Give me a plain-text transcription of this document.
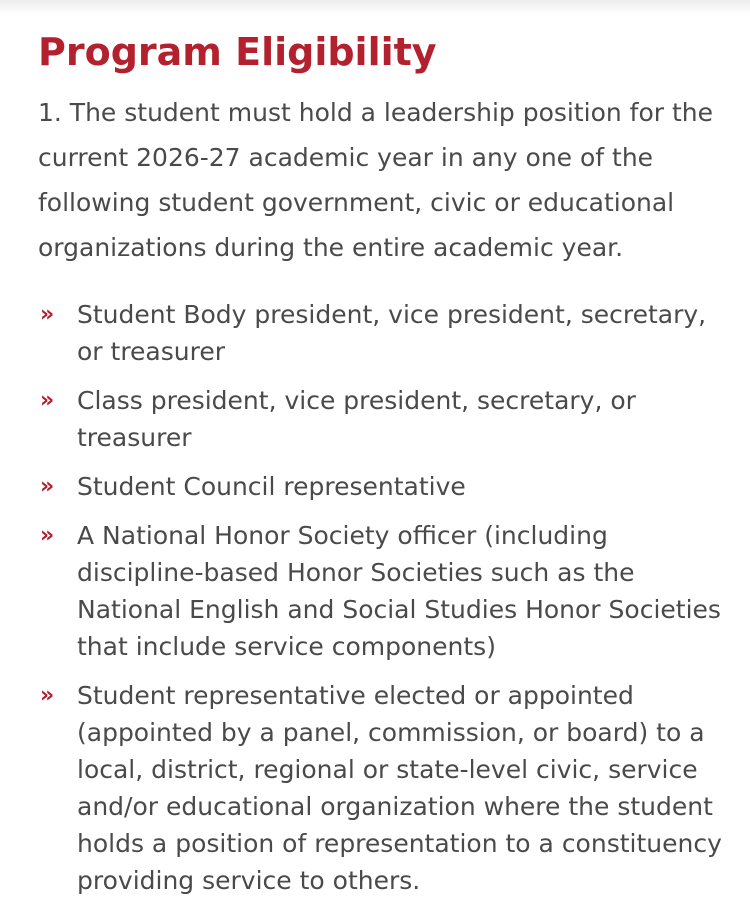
Program Eligibility

1. The student must hold a leadership position for the current 2026-27 academic year in any one of the following student government, civic or educational organizations during the entire academic year.

» Student Body president, vice president, secretary, or treasurer
» Class president, vice president, secretary, or treasurer
» Student Council representative
» A National Honor Society officer (including discipline-based Honor Societies such as the National English and Social Studies Honor Societies that include service components)
» Student representative elected or appointed (appointed by a panel, commission, or board) to a local, district, regional or state-level civic, service and/or educational organization where the student holds a position of representation to a constituency providing service to others.
